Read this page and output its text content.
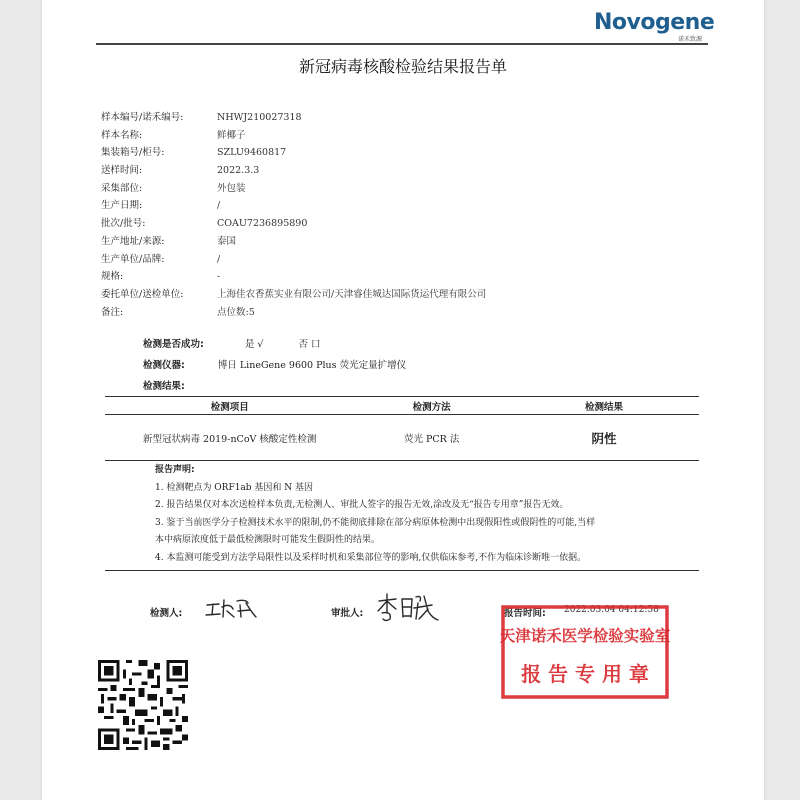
Novogene
诺禾致源
新冠病毒核酸检验结果报告单
样本编号/诺禾编号:	NHWJ210027318
样本名称:	鲜椰子
集装箱号/柜号:	SZLU9460817
送样时间:	2022.3.3
采集部位:	外包装
生产日期:	/
批次/批号:	COAU7236895890
生产地址/来源:	泰国
生产单位/品牌:	/
规格:	-
委托单位/送检单位:	上海佳农香蕉实业有限公司/天津睿佳城达国际货运代理有限公司
备注:	点位数:5
检测是否成功:	是 √	否 口
检测仪器:	博日 LineGene 9600 Plus 荧光定量扩增仪
检测结果:
检测项目	检测方法	检测结果
新型冠状病毒 2019-nCoV 核酸定性检测	荧光 PCR 法	阴性
报告声明:
1. 检测靶点为 ORF1ab 基因和 N 基因
2. 报告结果仅对本次送检样本负责,无检测人、审批人签字的报告无效,涂改及无“报告专用章”报告无效。
3. 鉴于当前医学分子检测技术水平的限制,仍不能彻底排除在部分病原体检测中出现假阳性或假阴性的可能,当样
本中病原浓度低于最低检测限时可能发生假阴性的结果。
4. 本监测可能受到方法学局限性以及采样时机和采集部位等的影响,仅供临床参考,不作为临床诊断唯一依据。
检测人:	审批人:	报告时间: 2022.03.04 04:12:58
天津诺禾医学检验实验室
报 告 专 用 章
